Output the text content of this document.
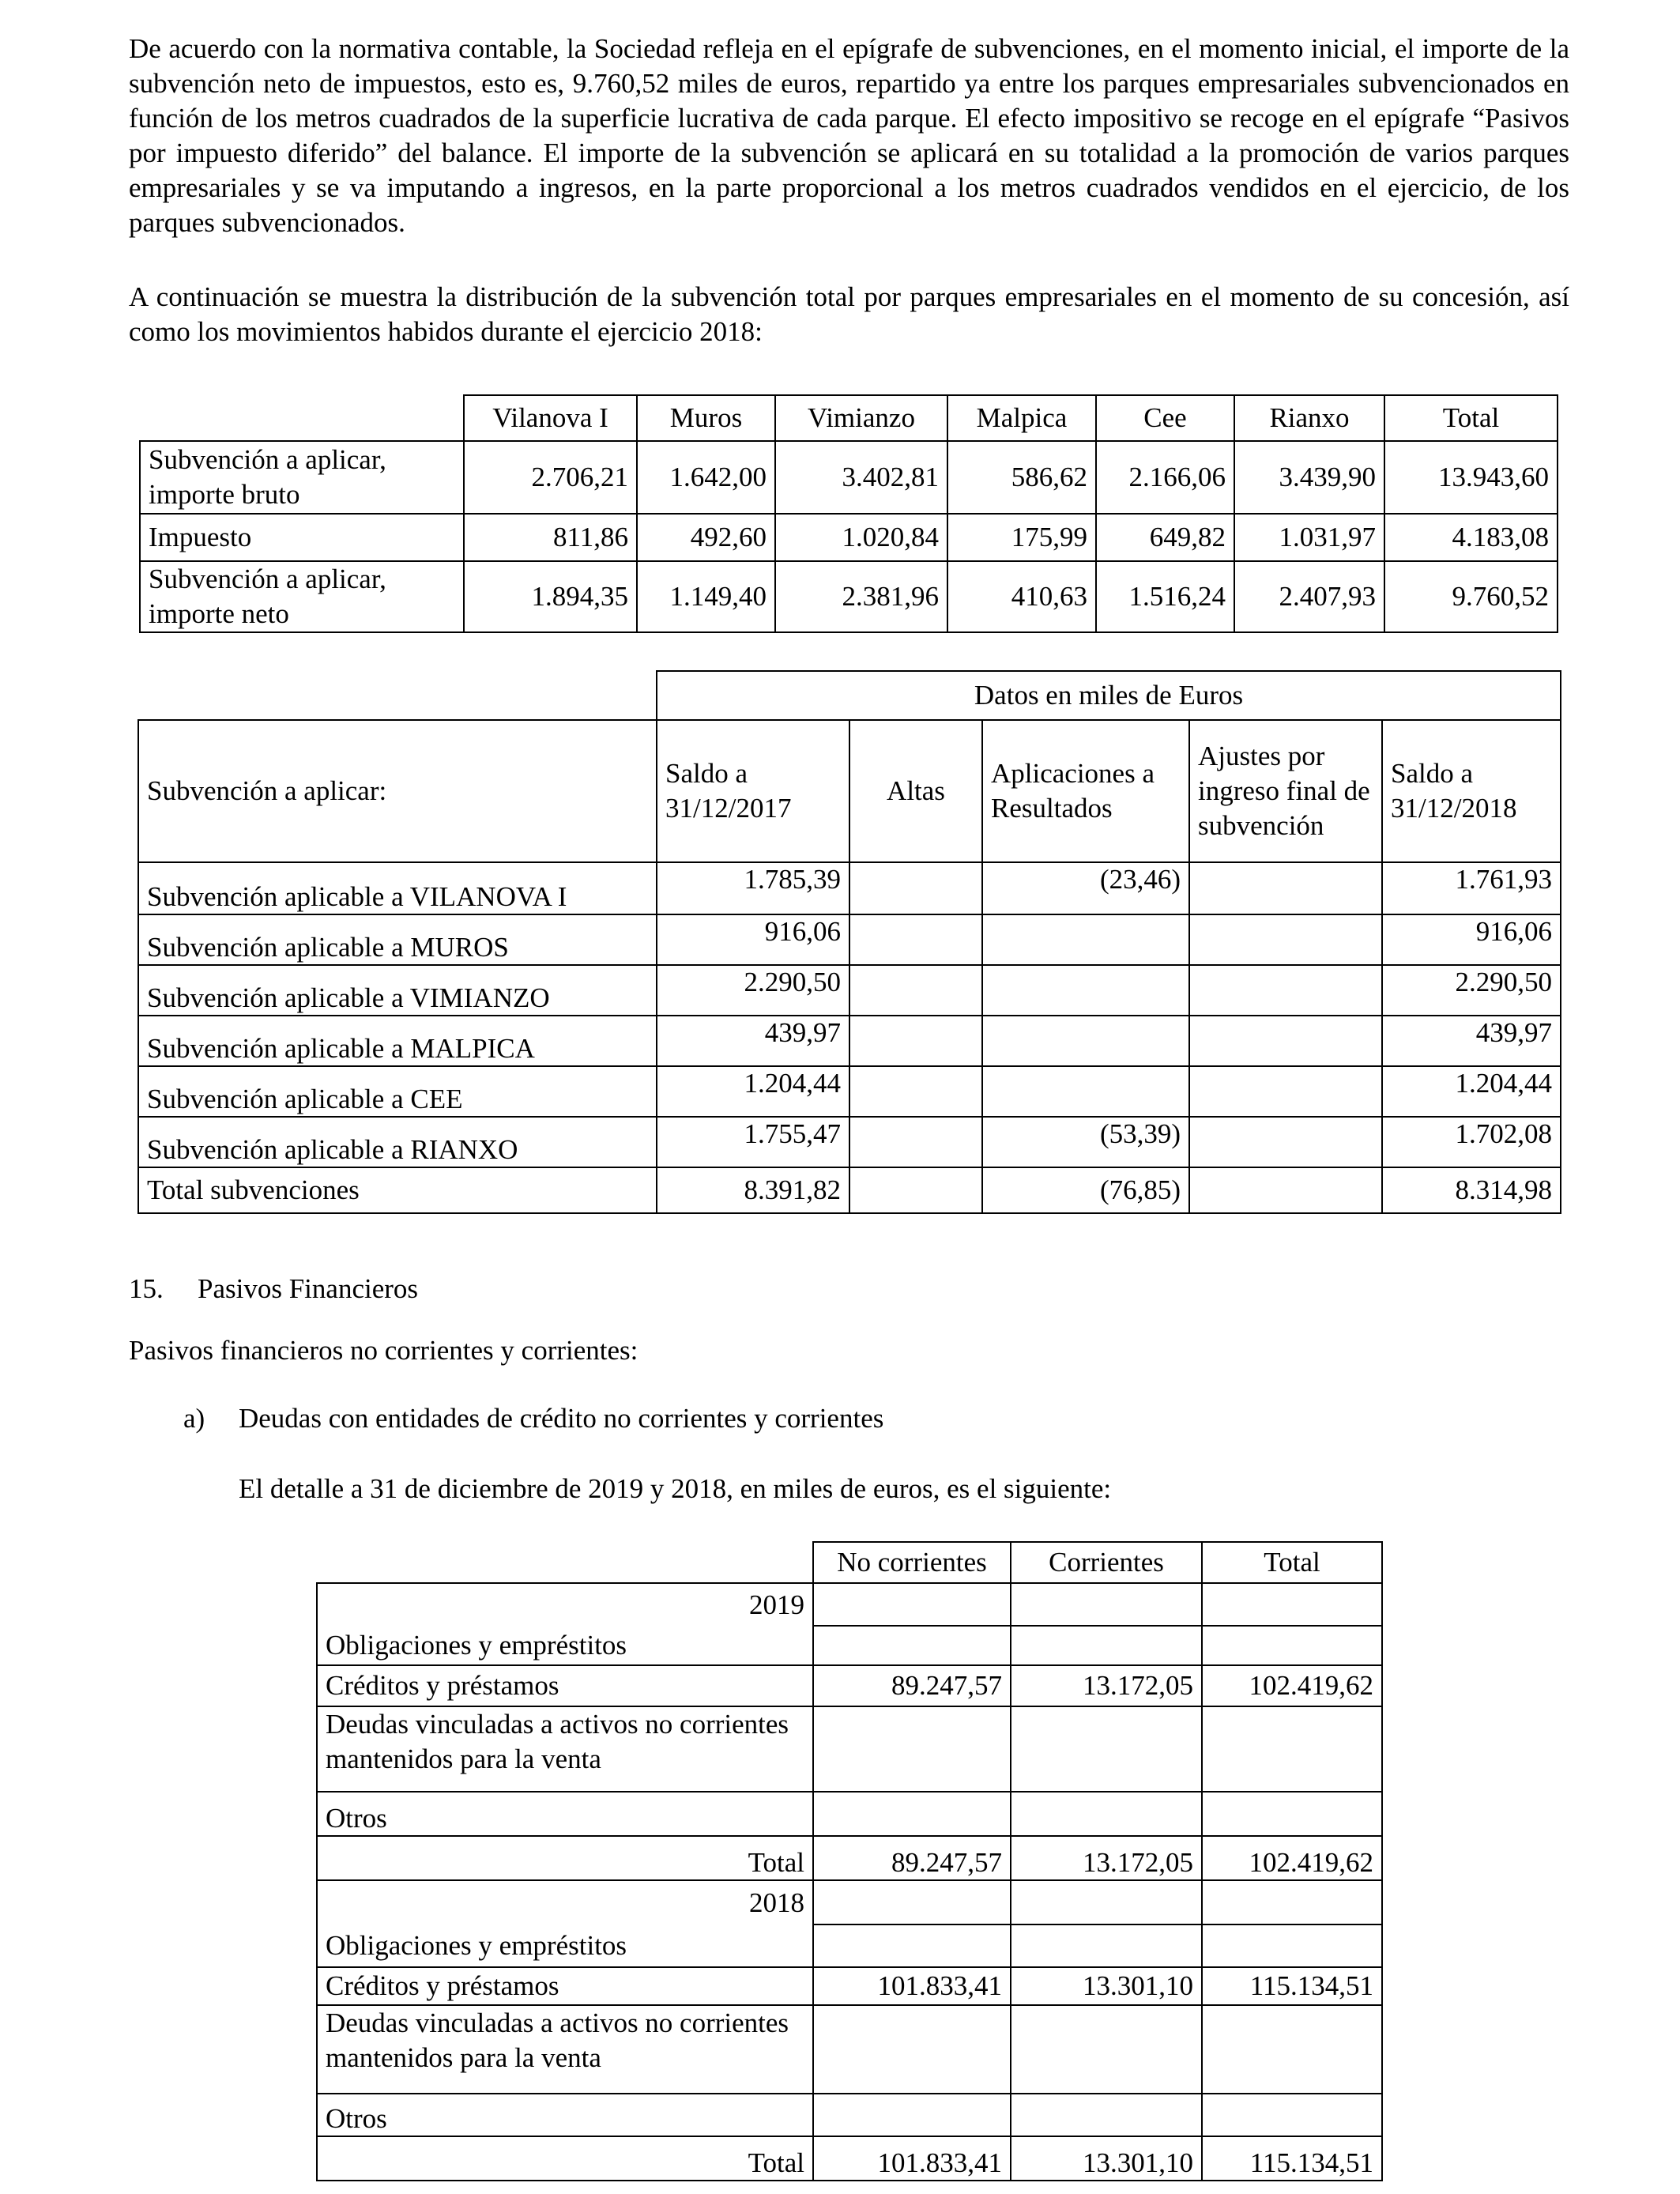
De acuerdo con la normativa contable, la Sociedad refleja en el epígrafe de subvenciones, en el momento inicial, el importe de la subvención neto de impuestos, esto es, 9.760,52 miles de euros, repartido ya entre los parques empresariales subvencionados en función de los metros cuadrados de la superficie lucrativa de cada parque. El efecto impositivo se recoge en el epígrafe “Pasivos por impuesto diferido” del balance. El importe de la subvención se aplicará en su totalidad a la promoción de varios parques empresariales y se va imputando a ingresos, en la parte proporcional a los metros cuadrados vendidos en el ejercicio, de los parques subvencionados.

A continuación se muestra la distribución de la subvención total por parques empresariales en el momento de su concesión, así como los movimientos habidos durante el ejercicio 2018:

	Vilanova I	Muros	Vimianzo	Malpica	Cee	Rianxo	Total
Subvención a aplicar, importe bruto	2.706,21	1.642,00	3.402,81	586,62	2.166,06	3.439,90	13.943,60
Impuesto	811,86	492,60	1.020,84	175,99	649,82	1.031,97	4.183,08
Subvención a aplicar, importe neto	1.894,35	1.149,40	2.381,96	410,63	1.516,24	2.407,93	9.760,52
	Datos en miles de Euros				
Subvención a aplicar:	Saldo a 31/12/2017	Altas	Aplicaciones a Resultados	Ajustes por ingreso final de subvención	Saldo a 31/12/2018
Subvención aplicable a VILANOVA I	1.785,39		(23,46)		1.761,93
Subvención aplicable a MUROS	916,06				916,06
Subvención aplicable a VIMIANZO	2.290,50				2.290,50
Subvención aplicable a MALPICA	439,97				439,97
Subvención aplicable a CEE	1.204,44				1.204,44
Subvención aplicable a RIANXO	1.755,47		(53,39)		1.702,08
Total subvenciones	8.391,82		(76,85)		8.314,98
15. Pasivos Financieros
Pasivos financieros no corrientes y corrientes:
a) Deudas con entidades de crédito no corrientes y corrientes
El detalle a 31 de diciembre de 2019 y 2018, en miles de euros, es el siguiente:
	No corrientes	Corrientes	Total
2019			
Obligaciones y empréstitos			
Créditos y préstamos	89.247,57	13.172,05	102.419,62
Deudas vinculadas a activos no corrientes mantenidos para la venta			
Otros			
Total	89.247,57	13.172,05	102.419,62
2018			
Obligaciones y empréstitos			
Créditos y préstamos	101.833,41	13.301,10	115.134,51
Deudas vinculadas a activos no corrientes mantenidos para la venta			
Otros			
Total	101.833,41	13.301,10	115.134,51
